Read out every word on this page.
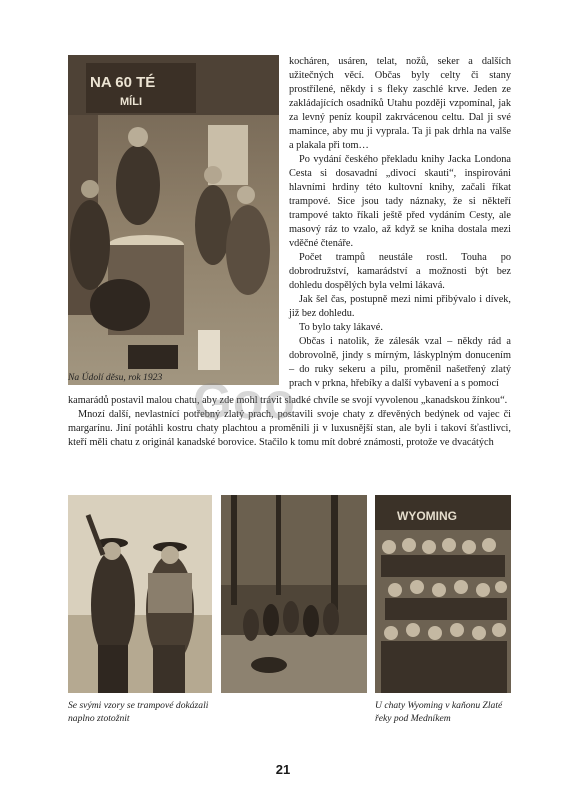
NA 60 TÉ
MÍLI

Na Údolí děsu, rok 1923

kocháren, usáren, telat, nožů, seker a dalších užitečných věcí. Občas byly celty či stany prostřílené, někdy i s fleky zaschlé krve. Jeden ze zakládajících osadníků Utahu později vzpomínal, jak za levný peníz koupil zakrvácenou celtu. Dal ji své mamince, aby mu ji vyprala. Ta ji pak drhla na valše a plakala při tom…

Po vydání českého překladu knihy Jacka Londona Cesta si dosavadní „divocí skauti“, inspirováni hlavními hrdiny této kultovní knihy, začali říkat trampové. Sice jsou tady náznaky, že si někteří trampové takto říkali ještě před vydáním Cesty, ale masový ráz to vzalo, až když se kniha dostala mezi vděčné čtenáře.

Počet trampů neustále rostl. Touha po dobrodružství, kamarádství a možnosti být bez dohledu dospělých byla velmi lákavá.

Jak šel čas, postupně mezi nimi přibývalo i dívek, již bez dohledu.

To bylo taky lákavé.

Občas i natolik, že zálesák vzal – někdy rád a dobrovolně, jindy s mírným, láskyplným donucením – do ruky sekeru a pilu, proměnil našetřený zlatý prach v prkna, hřebíky a další vybavení a s pomocí

kamarádů postavil malou chatu, aby zde mohl trávit sladké chvíle se svojí vyvolenou „kanadskou žínkou“.

Mnozí další, nevlastnící potřebný zlatý prach, postavili svoje chaty z dřevěných bedýnek od vajec či margarínu. Jiní potáhli kostru chaty plachtou a proměnili ji v luxusnější stan, ale byli i takoví šťastlivci, kteří měli chatu z originál kanadské borovice. Stačilo k tomu mít dobré známosti, protože ve dvacátých

Goo

Se svými vzory se trampové dokázali naplno ztotožnit

WYOMING

U chaty Wyoming v kaňonu Zlaté řeky pod Medníkem

21
